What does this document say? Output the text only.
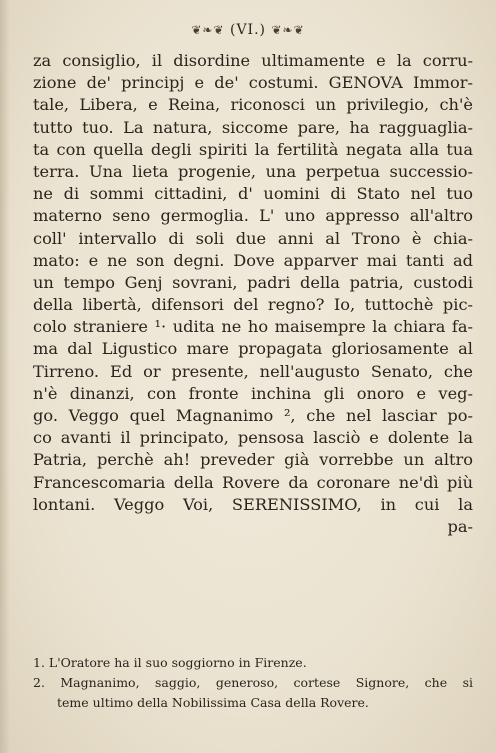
❦❧❦ (VI.) ❦❧❦
za consiglio, il disordine ultimamente e la corru-
zione de' principj e de' costumi. GENOVA Immor-
tale, Libera, e Reina, riconosci un privilegio, ch'è
tutto tuo. La natura, siccome pare, ha ragguaglia-
ta con quella degli spiriti la fertilità negata alla tua
terra. Una lieta progenie, una perpetua successio-
ne di sommi cittadini, d' uomini di Stato nel tuo
materno seno germoglia. L' uno appresso all'altro
coll' intervallo di soli due anni al Trono è chia-
mato: e ne son degni. Dove apparver mai tanti ad
un tempo Genj sovrani, padri della patria, custodi
della libertà, difensori del regno? Io, tuttochè pic-
colo straniere ¹· udita ne ho maisempre la chiara fa-
ma dal Ligustico mare propagata gloriosamente al
Tirreno. Ed or presente, nell'augusto Senato, che
n'è dinanzi, con fronte inchina gli onoro e veg-
go. Veggo quel Magnanimo ², che nel lasciar po-
co avanti il principato, pensosa lasciò e dolente la
Patria, perchè ah! preveder già vorrebbe un altro
Francescomaria della Rovere da coronare ne'dì più
lontani. Veggo Voi, SERENISSIMO, in cui la
pa-
1. L'Oratore ha il suo soggiorno in Firenze.
2. Magnanimo, saggio, generoso, cortese Signore, che si
teme ultimo della Nobilissima Casa della Rovere.
